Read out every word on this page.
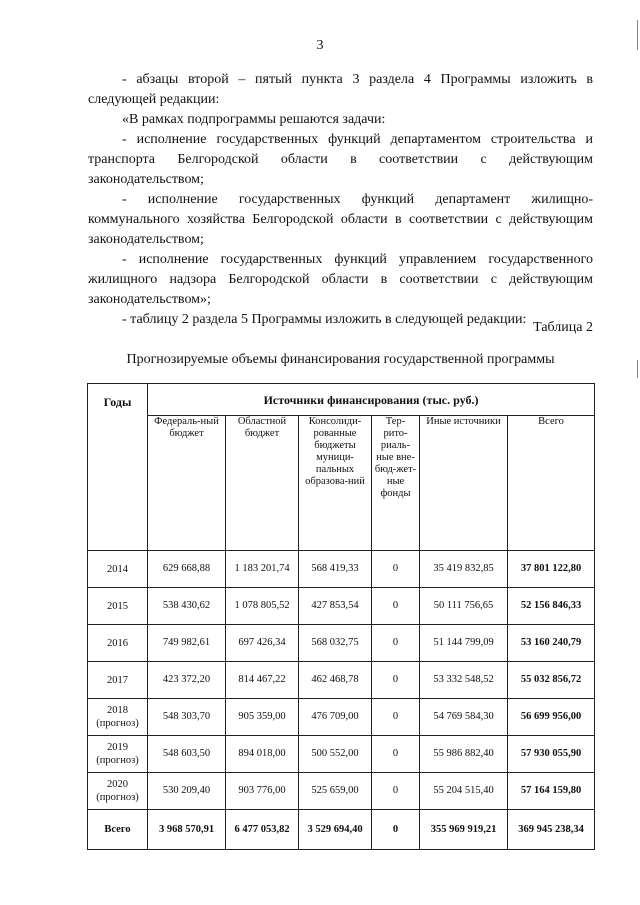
3

- абзацы второй – пятый пункта 3 раздела 4 Программы изложить в следующей редакции:

«В рамках подпрограммы решаются задачи:

- исполнение государственных функций департаментом строительства и транспорта Белгородской области в соответствии с действующим законодательством;

- исполнение государственных функций департамент жилищно-коммунального хозяйства Белгородской области в соответствии с действующим законодательством;

- исполнение государственных функций управлением государственного жилищного надзора Белгородской области в соответствии с действующим законодательством»;

- таблицу 2 раздела 5 Программы изложить в следующей редакции:

Таблица 2
Прогнозируемые объемы финансирования государственной программы
Годы	Источники финансирования (тыс. руб.)					
	Федераль-ный бюджет	Областной бюджет	Консолиди-рованные бюджеты муници-пальных образова-ний	Тер-рито-риаль-ные вне-бюд-жет-ные фонды	Иные источники	Всего

2014	629 668,88	1 183 201,74	568 419,33	0	35 419 832,85	37 801 122,80

2015	538 430,62	1 078 805,52	427 853,54	0	50 111 756,65	52 156 846,33

2016	749 982,61	697 426,34	568 032,75	0	51 144 799,09	53 160 240,79

2017	423 372,20	814 467,22	462 468,78	0	53 332 548,52	55 032 856,72

2018
(прогноз)	548 303,70	905 359,00	476 709,00	0	54 769 584,30	56 699 956,00

2019
(прогноз)	548 603,50	894 018,00	500 552,00	0	55 986 882,40	57 930 055,90

2020
(прогноз)	530 209,40	903 776,00	525 659,00	0	55 204 515,40	57 164 159,80
Всего	3 968 570,91	6 477 053,82	3 529 694,40	0	355 969 919,21	369 945 238,34
